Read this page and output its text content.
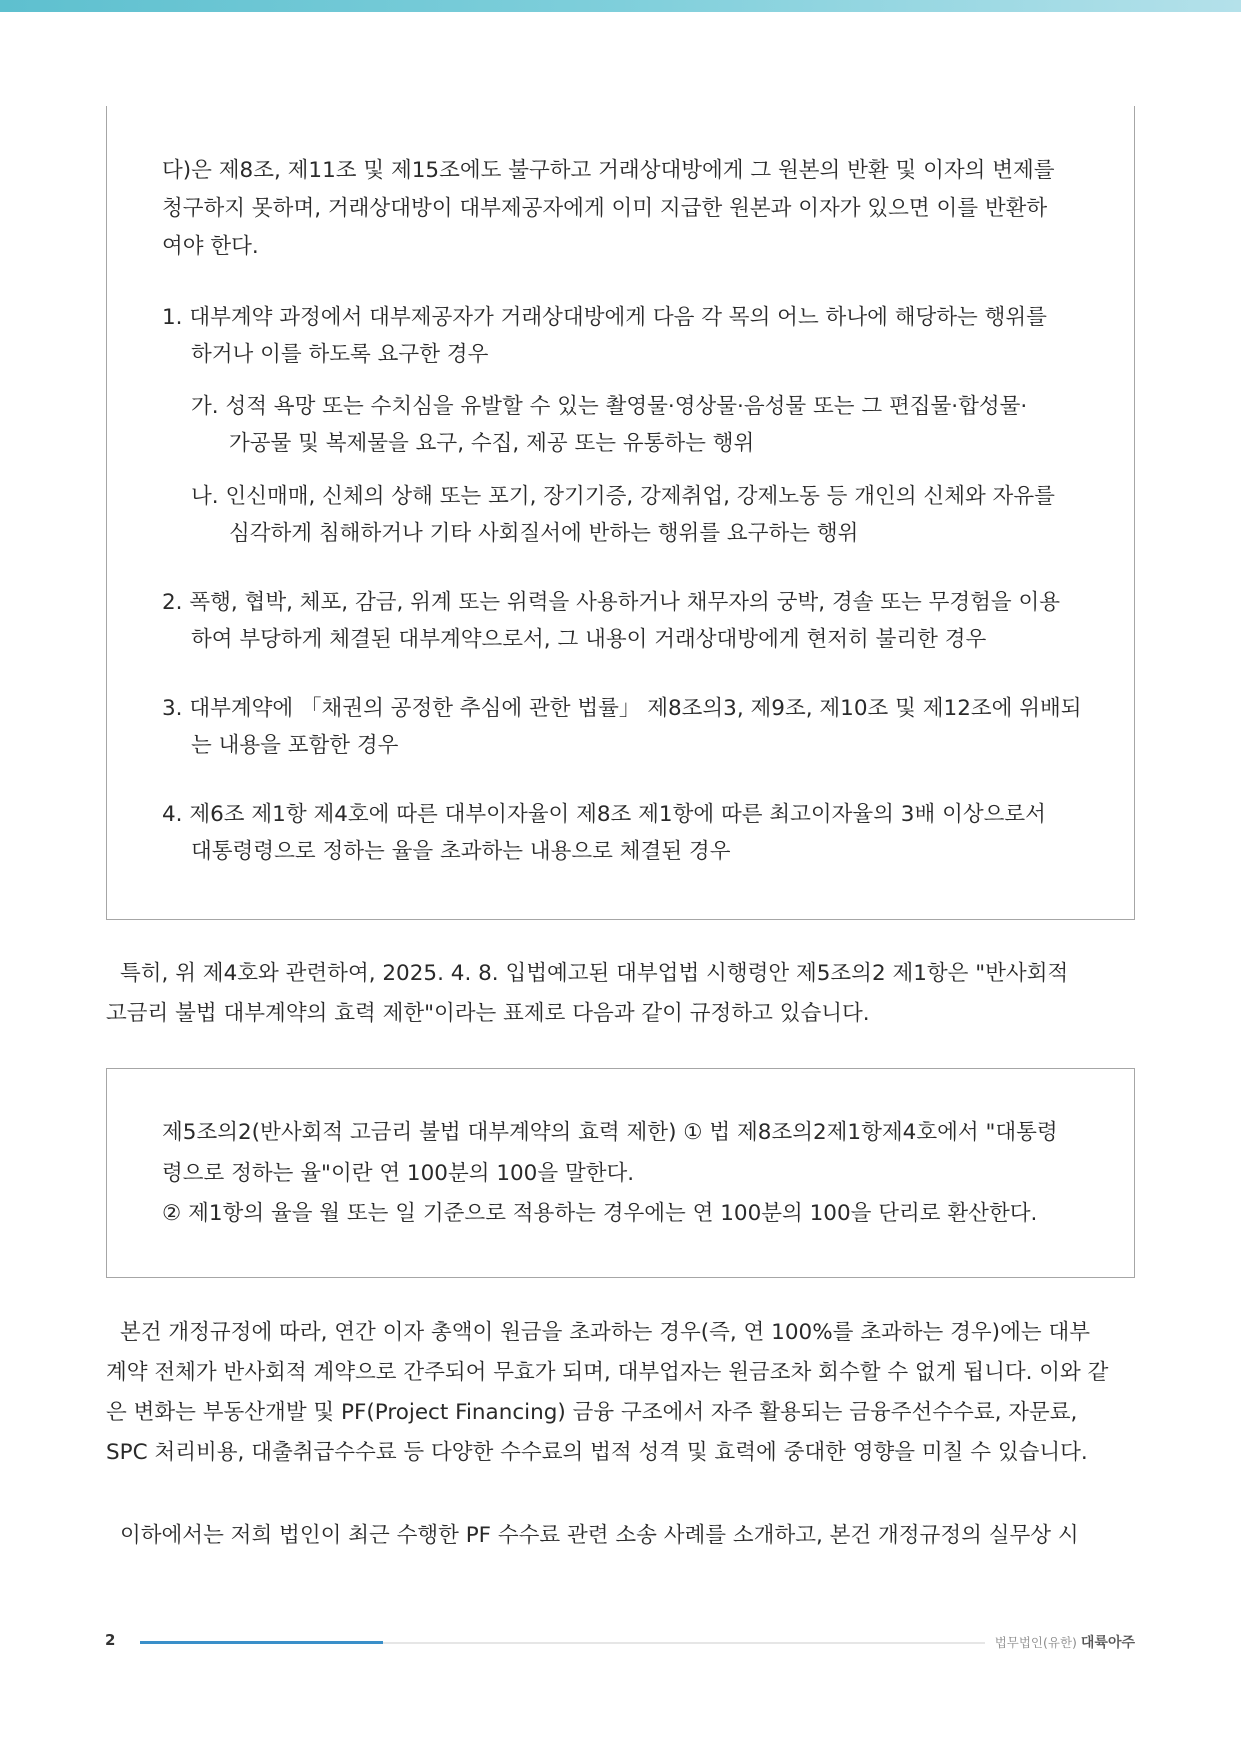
다)은 제8조, 제11조 및 제15조에도 불구하고 거래상대방에게 그 원본의 반환 및 이자의 변제를
청구하지 못하며, 거래상대방이 대부제공자에게 이미 지급한 원본과 이자가 있으면 이를 반환하
여야 한다.
1. 대부계약 과정에서 대부제공자가 거래상대방에게 다음 각 목의 어느 하나에 해당하는 행위를
하거나 이를 하도록 요구한 경우
가. 성적 욕망 또는 수치심을 유발할 수 있는 촬영물·영상물·음성물 또는 그 편집물·합성물·
가공물 및 복제물을 요구, 수집, 제공 또는 유통하는 행위
나. 인신매매, 신체의 상해 또는 포기, 장기기증, 강제취업, 강제노동 등 개인의 신체와 자유를
심각하게 침해하거나 기타 사회질서에 반하는 행위를 요구하는 행위
2. 폭행, 협박, 체포, 감금, 위계 또는 위력을 사용하거나 채무자의 궁박, 경솔 또는 무경험을 이용
하여 부당하게 체결된 대부계약으로서, 그 내용이 거래상대방에게 현저히 불리한 경우
3. 대부계약에 「채권의 공정한 추심에 관한 법률」 제8조의3, 제9조, 제10조 및 제12조에 위배되
는 내용을 포함한 경우
4. 제6조 제1항 제4호에 따른 대부이자율이 제8조 제1항에 따른 최고이자율의 3배 이상으로서
대통령령으로 정하는 율을 초과하는 내용으로 체결된 경우
특히, 위 제4호와 관련하여, 2025. 4. 8. 입법예고된 대부업법 시행령안 제5조의2 제1항은 "반사회적
고금리 불법 대부계약의 효력 제한"이라는 표제로 다음과 같이 규정하고 있습니다.
제5조의2(반사회적 고금리 불법 대부계약의 효력 제한) ① 법 제8조의2제1항제4호에서 "대통령
령으로 정하는 율"이란 연 100분의 100을 말한다.
② 제1항의 율을 월 또는 일 기준으로 적용하는 경우에는 연 100분의 100을 단리로 환산한다.
본건 개정규정에 따라, 연간 이자 총액이 원금을 초과하는 경우(즉, 연 100%를 초과하는 경우)에는 대부
계약 전체가 반사회적 계약으로 간주되어 무효가 되며, 대부업자는 원금조차 회수할 수 없게 됩니다. 이와 같
은 변화는 부동산개발 및 PF(Project Financing) 금융 구조에서 자주 활용되는 금융주선수수료, 자문료,
SPC 처리비용, 대출취급수수료 등 다양한 수수료의 법적 성격 및 효력에 중대한 영향을 미칠 수 있습니다.
이하에서는 저희 법인이 최근 수행한 PF 수수료 관련 소송 사례를 소개하고, 본건 개정규정의 실무상 시
2	법무법인(유한) 대륙아주
